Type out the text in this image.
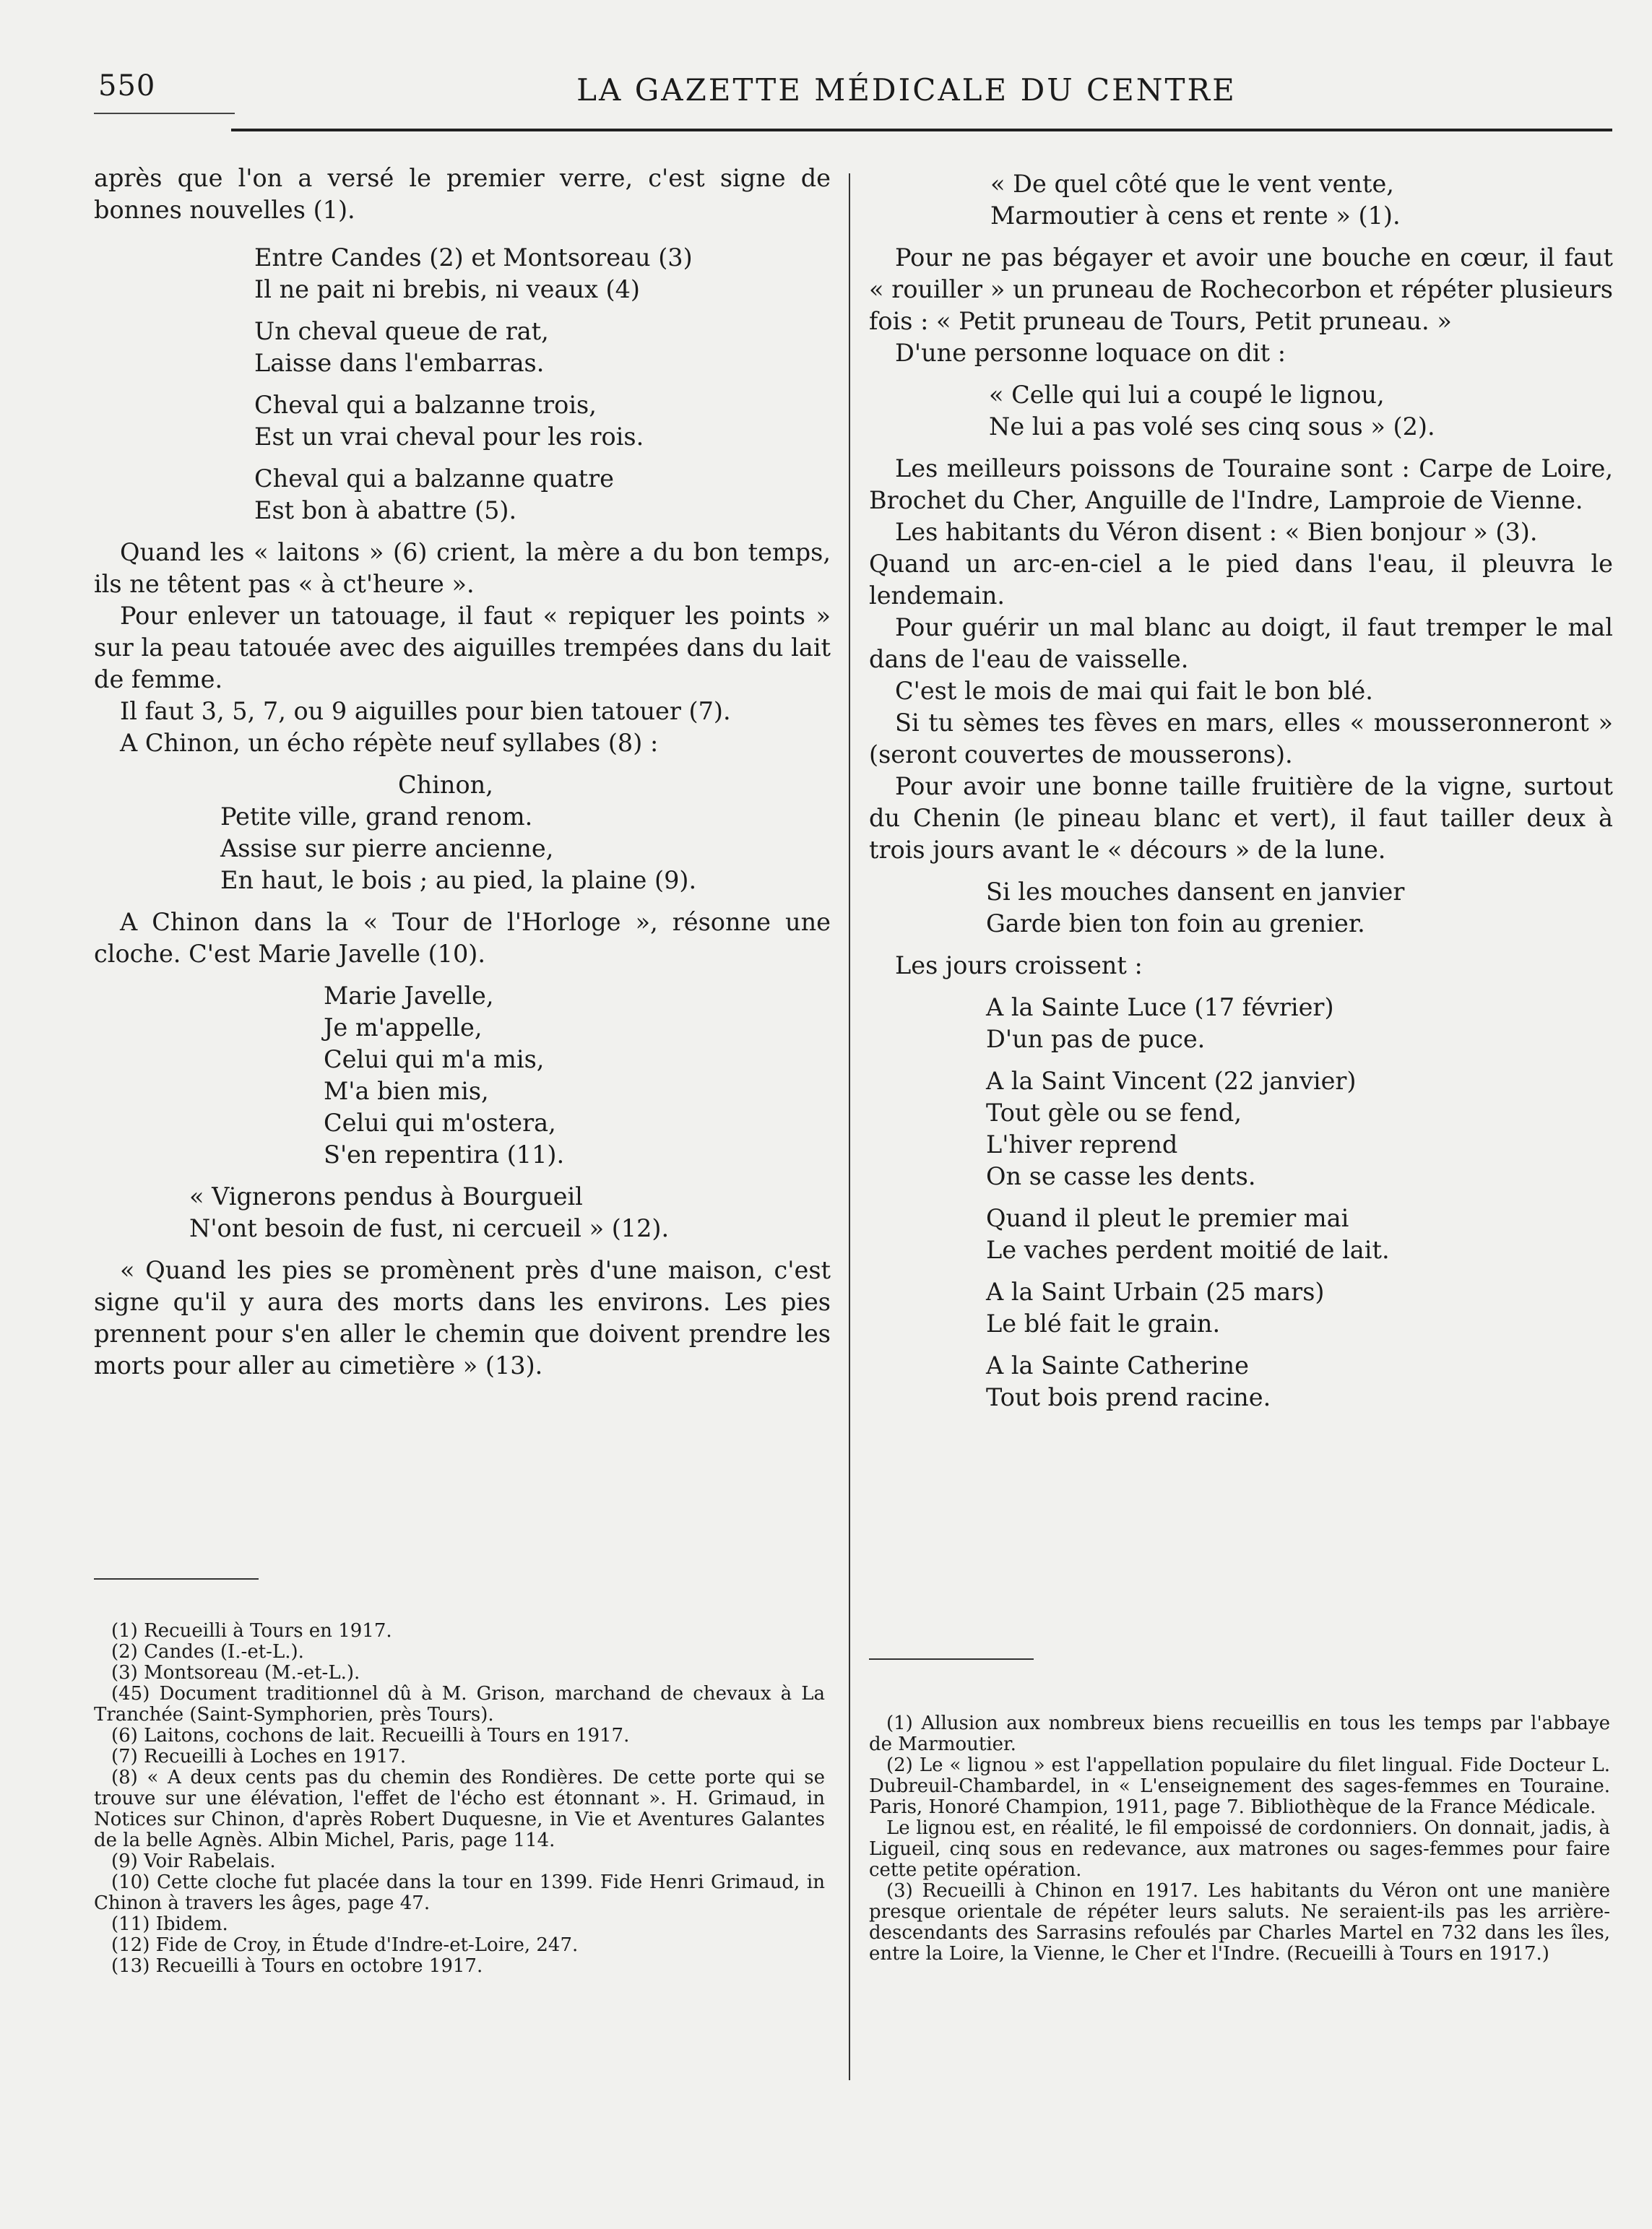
550	LA GAZETTE MÉDICALE DU CENTRE

après que l'on a versé le premier verre, c'est signe de bonnes nouvelles (1).

Entre Candes (2) et Montsoreau (3)

Il ne pait ni brebis, ni veaux (4)

Un cheval queue de rat,

Laisse dans l'embarras.

Cheval qui a balzanne trois,

Est un vrai cheval pour les rois.

Cheval qui a balzanne quatre

Est bon à abattre (5).

Quand les « laitons » (6) crient, la mère a du bon temps, ils ne têtent pas « à ct'heure ».

Pour enlever un tatouage, il faut « repiquer les points » sur la peau tatouée avec des aiguilles trempées dans du lait de femme.

Il faut 3, 5, 7, ou 9 aiguilles pour bien tatouer (7).

A Chinon, un écho répète neuf syllabes (8) :

Chinon,

Petite ville, grand renom.

Assise sur pierre ancienne,

En haut, le bois ; au pied, la plaine (9).

A Chinon dans la « Tour de l'Horloge », résonne une cloche. C'est Marie Javelle (10).

Marie Javelle,

Je m'appelle,

Celui qui m'a mis,

M'a bien mis,

Celui qui m'ostera,

S'en repentira (11).

« Vignerons pendus à Bourgueil

N'ont besoin de fust, ni cercueil » (12).

« Quand les pies se promènent près d'une maison, c'est signe qu'il y aura des morts dans les environs. Les pies prennent pour s'en aller le chemin que doivent prendre les morts pour aller au cimetière » (13).

(1) Recueilli à Tours en 1917.

(2) Candes (I.-et-L.).

(3) Montsoreau (M.-et-L.).

(45) Document traditionnel dû à M. Grison, marchand de chevaux à La Tranchée (Saint-Symphorien, près Tours).

(6) Laitons, cochons de lait. Recueilli à Tours en 1917.

(7) Recueilli à Loches en 1917.

(8) « A deux cents pas du chemin des Rondières. De cette porte qui se trouve sur une élévation, l'effet de l'écho est étonnant ». H. Grimaud, in Notices sur Chinon, d'après Robert Duquesne, in Vie et Aventures Galantes de la belle Agnès. Albin Michel, Paris, page 114.

(9) Voir Rabelais.

(10) Cette cloche fut placée dans la tour en 1399. Fide Henri Grimaud, in Chinon à travers les âges, page 47.

(11) Ibidem.

(12) Fide de Croy, in Étude d'Indre-et-Loire, 247.

(13) Recueilli à Tours en octobre 1917.

« De quel côté que le vent vente,

Marmoutier à cens et rente » (1).

Pour ne pas bégayer et avoir une bouche en cœur, il faut « rouiller » un pruneau de Rochecorbon et répéter plusieurs fois : « Petit pruneau de Tours, Petit pruneau. »

D'une personne loquace on dit :

« Celle qui lui a coupé le lignou,

Ne lui a pas volé ses cinq sous » (2).

Les meilleurs poissons de Touraine sont : Carpe de Loire, Brochet du Cher, Anguille de l'Indre, Lamproie de Vienne.

Les habitants du Véron disent : « Bien bonjour » (3).

Quand un arc-en-ciel a le pied dans l'eau, il pleuvra le lendemain.

Pour guérir un mal blanc au doigt, il faut tremper le mal dans de l'eau de vaisselle.

C'est le mois de mai qui fait le bon blé.

Si tu sèmes tes fèves en mars, elles « mousseronneront » (seront couvertes de mousserons).

Pour avoir une bonne taille fruitière de la vigne, surtout du Chenin (le pineau blanc et vert), il faut tailler deux à trois jours avant le « décours » de la lune.

Si les mouches dansent en janvier

Garde bien ton foin au grenier.

Les jours croissent :

A la Sainte Luce (17 février)

D'un pas de puce.

A la Saint Vincent (22 janvier)

Tout gèle ou se fend,

L'hiver reprend

On se casse les dents.

Quand il pleut le premier mai

Le vaches perdent moitié de lait.

A la Saint Urbain (25 mars)

Le blé fait le grain.

A la Sainte Catherine

Tout bois prend racine.

(1) Allusion aux nombreux biens recueillis en tous les temps par l'abbaye de Marmoutier.

(2) Le « lignou » est l'appellation populaire du filet lingual. Fide Docteur L. Dubreuil-Chambardel, in « L'enseignement des sages-femmes en Touraine. Paris, Honoré Champion, 1911, page 7. Bibliothèque de la France Médicale.

Le lignou est, en réalité, le fil empoissé de cordonniers. On donnait, jadis, à Ligueil, cinq sous en redevance, aux matrones ou sages-femmes pour faire cette petite opération.

(3) Recueilli à Chinon en 1917. Les habitants du Véron ont une manière presque orientale de répéter leurs saluts. Ne seraient-ils pas les arrière-descendants des Sarrasins refoulés par Charles Martel en 732 dans les îles, entre la Loire, la Vienne, le Cher et l'Indre. (Recueilli à Tours en 1917.)
